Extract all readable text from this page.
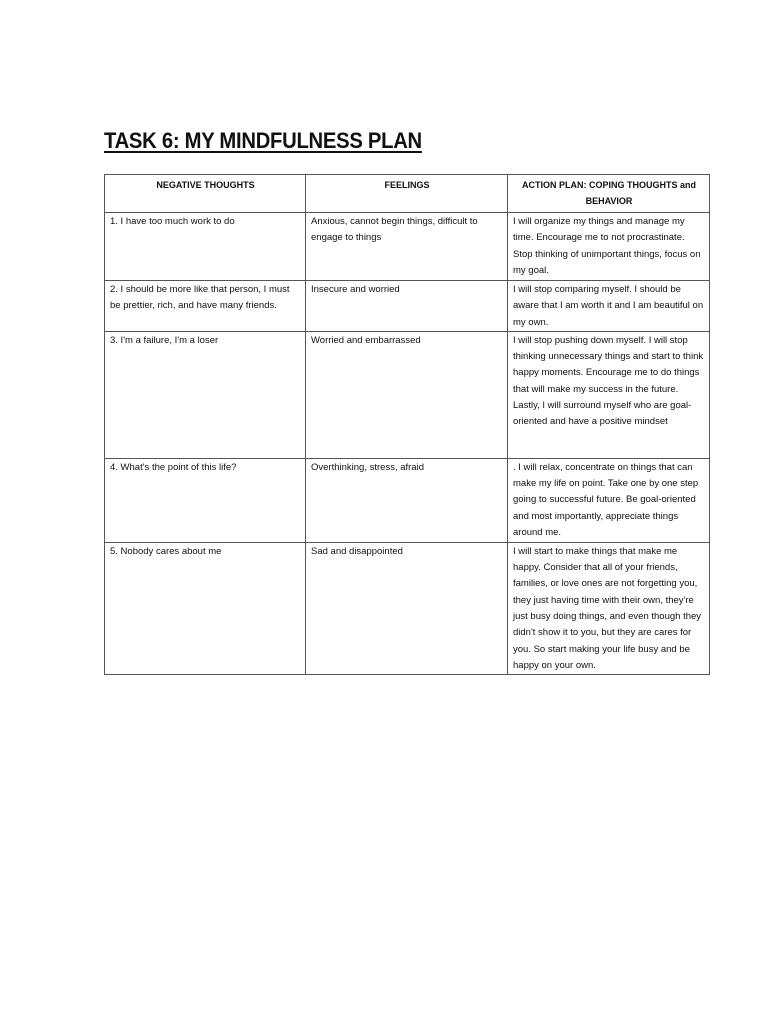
TASK 6: MY MINDFULNESS PLAN
NEGATIVE THOUGHTS	FEELINGS	ACTION PLAN: COPING THOUGHTS and BEHAVIOR
1. I have too much work to do	Anxious, cannot begin things, difficult to engage to things	I will organize my things and manage my time. Encourage me to not procrastinate. Stop thinking of unimportant things, focus on my goal.
2. I should be more like that person, I must be prettier, rich, and have many friends.	Insecure and worried	I will stop comparing myself. I should be aware that I am worth it and I am beautiful on my own.
3. I'm a failure, I'm a loser	Worried and embarrassed	I will stop pushing down myself. I will stop thinking unnecessary things and start to think happy moments. Encourage me to do things that will make my success in the future. Lastly, I will surround myself who are goal-oriented and have a positive mindset
4. What's the point of this life?	Overthinking, stress, afraid	. I will relax, concentrate on things that can make my life on point. Take one by one step going to successful future. Be goal-oriented and most importantly, appreciate things around me.
5. Nobody cares about me	Sad and disappointed	I will start to make things that make me happy. Consider that all of your friends, families, or love ones are not forgetting you, they just having time with their own, they're just busy doing things, and even though they didn't show it to you, but they are cares for you. So start making your life busy and be happy on your own.
